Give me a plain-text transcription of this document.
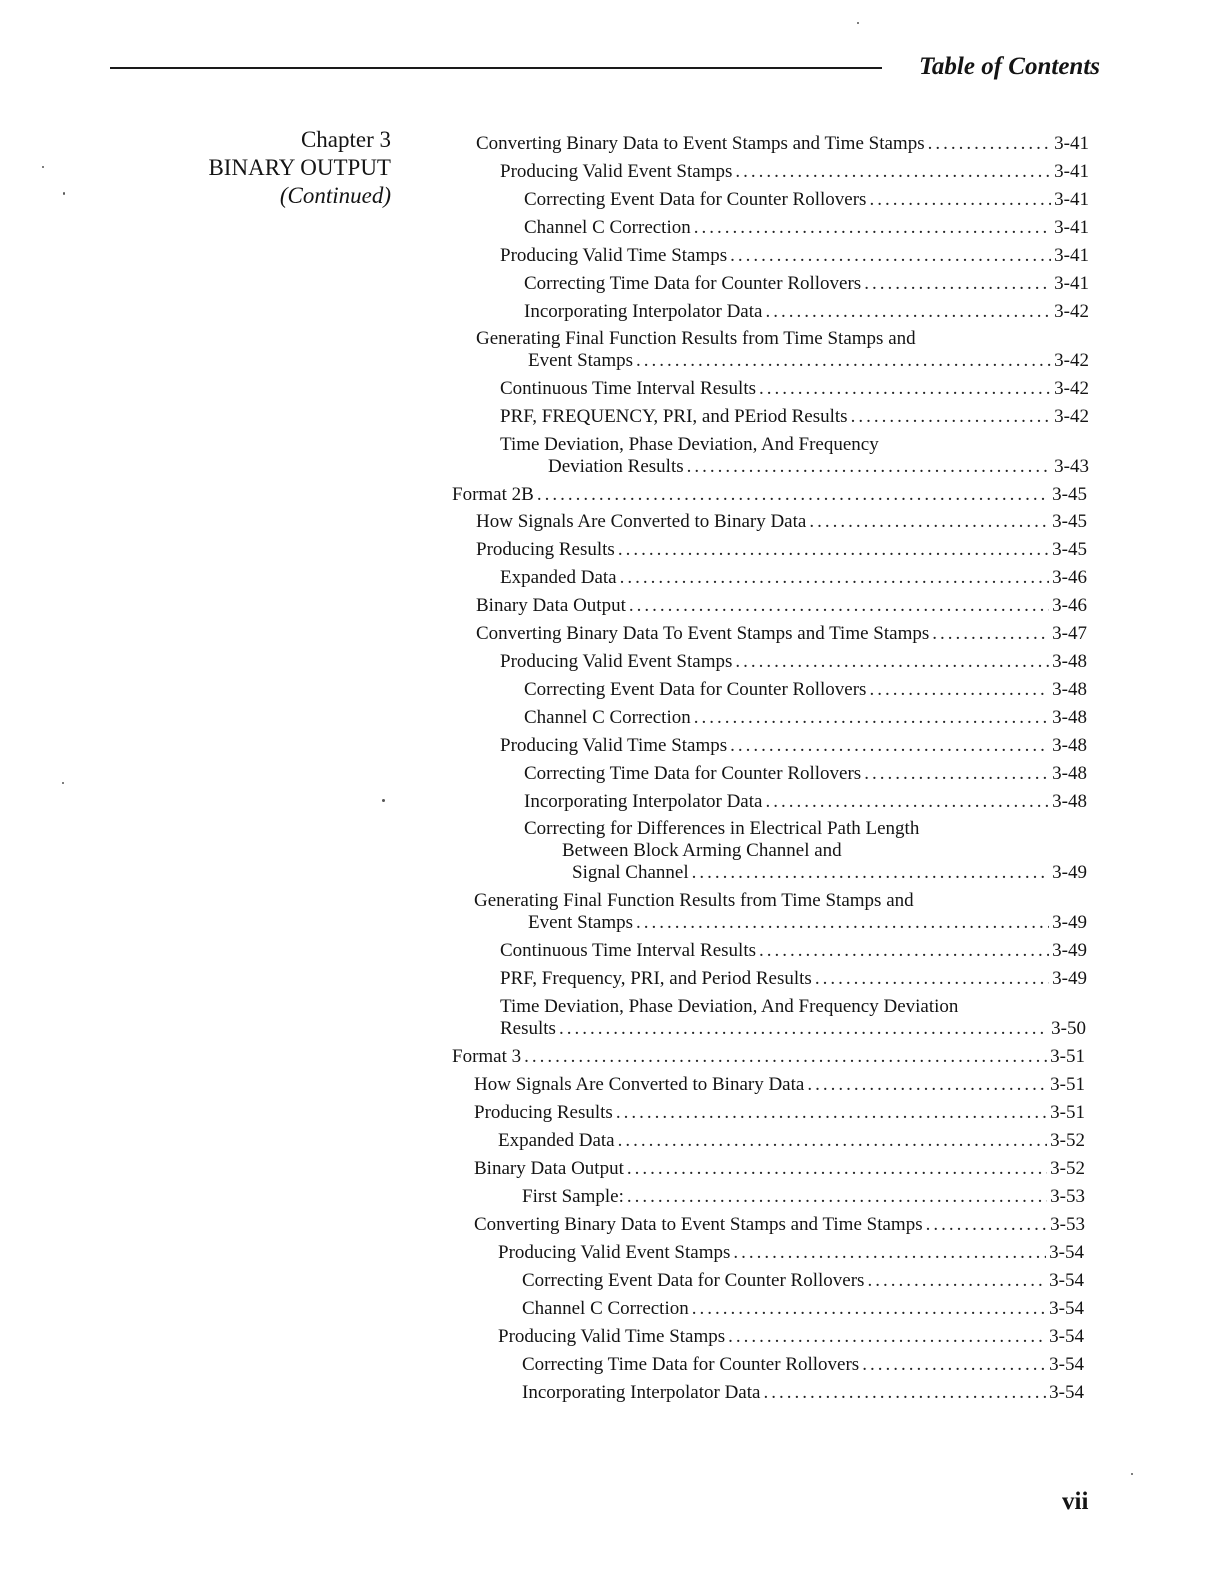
Table of Contents
Chapter 3
BINARY OUTPUT
(Continued)
Converting Binary Data to Event Stamps and Time Stamps .....	3-41
Producing Valid Event Stamps .....	3-41
Correcting Event Data for Counter Rollovers .....	3-41
Channel C Correction .....	3-41
Producing Valid Time Stamps .....	3-41
Correcting Time Data for Counter Rollovers .....	3-41
Incorporating Interpolator Data .....	3-42
Generating Final Function Results from Time Stamps and
Event Stamps .....	3-42
Continuous Time Interval Results .....	3-42
PRF, FREQUENCY, PRI, and PEriod Results .....	3-42
Time Deviation, Phase Deviation, And Frequency
Deviation Results .....	3-43
Format 2B .....	3-45
How Signals Are Converted to Binary Data .....	3-45
Producing Results .....	3-45
Expanded Data .....	3-46
Binary Data Output .....	3-46
Converting Binary Data To Event Stamps and Time Stamps .....	3-47
Producing Valid Event Stamps .....	3-48
Correcting Event Data for Counter Rollovers .....	3-48
Channel C Correction .....	3-48
Producing Valid Time Stamps .....	3-48
Correcting Time Data for Counter Rollovers .....	3-48
Incorporating Interpolator Data .....	3-48
Correcting for Differences in Electrical Path Length
Between Block Arming Channel and
Signal Channel .....	3-49
Generating Final Function Results from Time Stamps and
Event Stamps .....	3-49
Continuous Time Interval Results .....	3-49
PRF, Frequency, PRI, and Period Results .....	3-49
Time Deviation, Phase Deviation, And Frequency Deviation
Results .....	3-50
Format 3 .....	3-51
How Signals Are Converted to Binary Data .....	3-51
Producing Results .....	3-51
Expanded Data .....	3-52
Binary Data Output .....	3-52
First Sample: .....	3-53
Converting Binary Data to Event Stamps and Time Stamps .....	3-53
Producing Valid Event Stamps .....	3-54
Correcting Event Data for Counter Rollovers .....	3-54
Channel C Correction .....	3-54
Producing Valid Time Stamps .....	3-54
Correcting Time Data for Counter Rollovers .....	3-54
Incorporating Interpolator Data .....	3-54
vii
